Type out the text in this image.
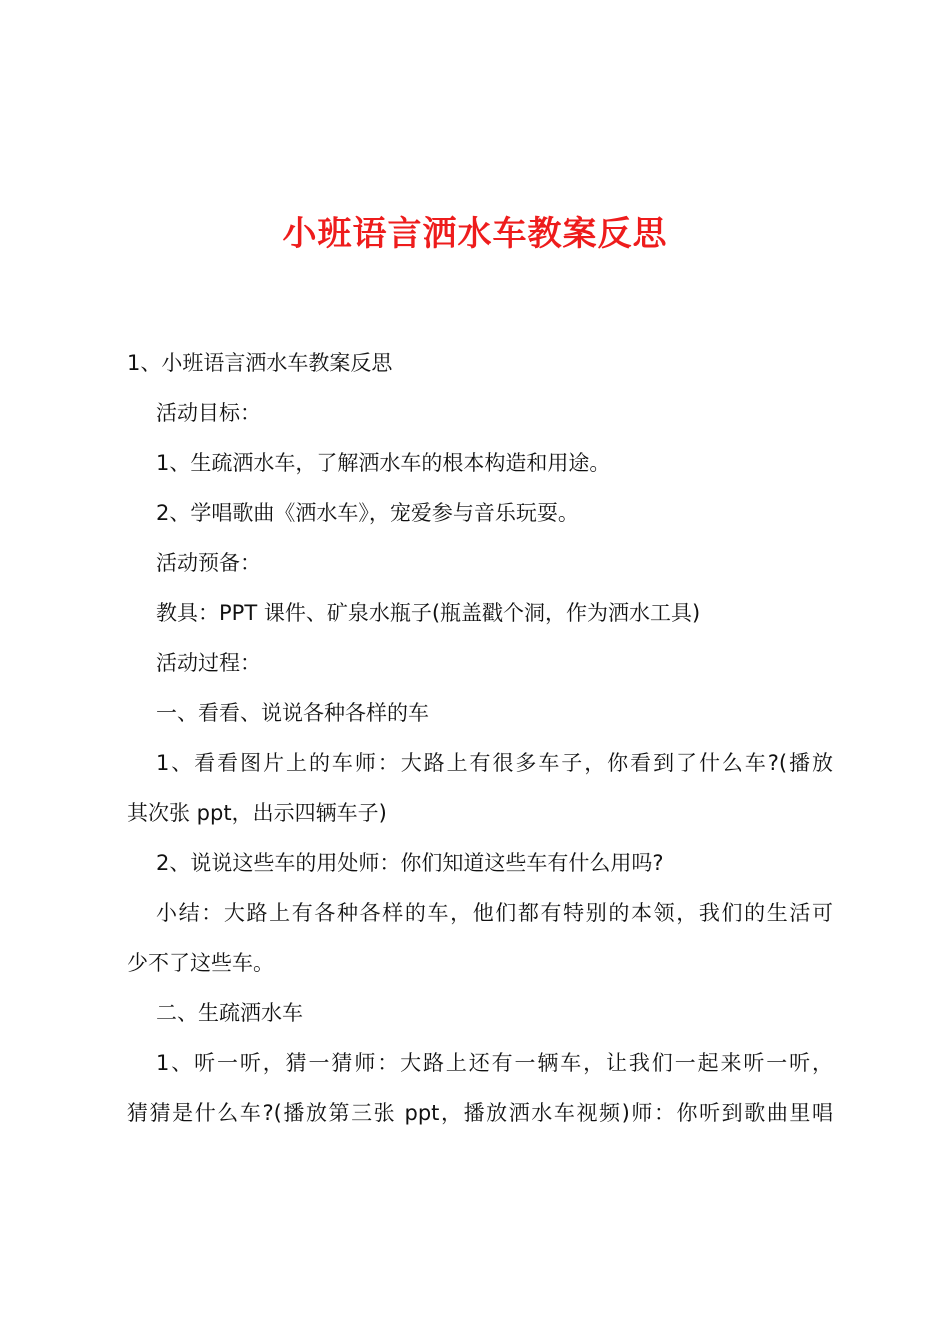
小班语言洒水车教案反思
1、小班语言洒水车教案反思
活动目标：
1、生疏洒水车，了解洒水车的根本构造和用途。
2、学唱歌曲《洒水车》，宠爱参与音乐玩耍。
活动预备：
教具：PPT 课件、矿泉水瓶子(瓶盖戳个洞，作为洒水工具)
活动过程：
一、看看、说说各种各样的车
1、看看图片上的车师：大路上有很多车子，你看到了什么车?(播放
其次张 ppt，出示四辆车子)
2、说说这些车的用处师：你们知道这些车有什么用吗?
小结：大路上有各种各样的车，他们都有特别的本领，我们的生活可
少不了这些车。
二、生疏洒水车
1、听一听，猜一猜师：大路上还有一辆车，让我们一起来听一听，
猜猜是什么车?(播放第三张 ppt，播放洒水车视频)师：你听到歌曲里唱
